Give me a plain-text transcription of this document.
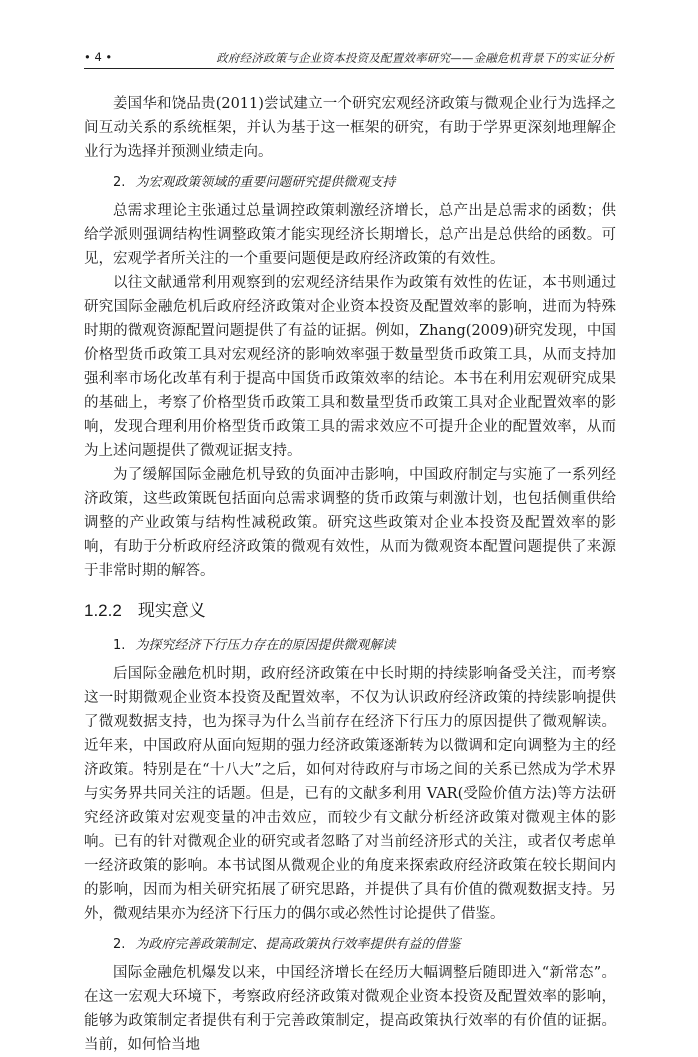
• 4 •	政府经济政策与企业资本投资及配置效率研究——金融危机背景下的实证分析

姜国华和饶品贵(2011)尝试建立一个研究宏观经济政策与微观企业行为选择之间互动关系的系统框架，并认为基于这一框架的研究，有助于学界更深刻地理解企业行为选择并预测业绩走向。

2. 为宏观政策领域的重要问题研究提供微观支持

总需求理论主张通过总量调控政策刺激经济增长，总产出是总需求的函数；供给学派则强调结构性调整政策才能实现经济长期增长，总产出是总供给的函数。可见，宏观学者所关注的一个重要问题便是政府经济政策的有效性。

以往文献通常利用观察到的宏观经济结果作为政策有效性的佐证，本书则通过研究国际金融危机后政府经济政策对企业资本投资及配置效率的影响，进而为特殊时期的微观资源配置问题提供了有益的证据。例如，Zhang(2009)研究发现，中国价格型货币政策工具对宏观经济的影响效率强于数量型货币政策工具，从而支持加强利率市场化改革有利于提高中国货币政策效率的结论。本书在利用宏观研究成果的基础上，考察了价格型货币政策工具和数量型货币政策工具对企业配置效率的影响，发现合理利用价格型货币政策工具的需求效应不可提升企业的配置效率，从而为上述问题提供了微观证据支持。

为了缓解国际金融危机导致的负面冲击影响，中国政府制定与实施了一系列经济政策，这些政策既包括面向总需求调整的货币政策与刺激计划，也包括侧重供给调整的产业政策与结构性减税政策。研究这些政策对企业本投资及配置效率的影响，有助于分析政府经济政策的微观有效性，从而为微观资本配置问题提供了来源于非常时期的解答。

1.2.2 现实意义
1. 为探究经济下行压力存在的原因提供微观解读

后国际金融危机时期，政府经济政策在中长时期的持续影响备受关注，而考察这一时期微观企业资本投资及配置效率，不仅为认识政府经济政策的持续影响提供了微观数据支持，也为探寻为什么当前存在经济下行压力的原因提供了微观解读。近年来，中国政府从面向短期的强力经济政策逐渐转为以微调和定向调整为主的经济政策。特别是在“十八大”之后，如何对待政府与市场之间的关系已然成为学术界与实务界共同关注的话题。但是，已有的文献多利用 VAR(受险价值方法)等方法研究经济政策对宏观变量的冲击效应，而较少有文献分析经济政策对微观主体的影响。已有的针对微观企业的研究或者忽略了对当前经济形式的关注，或者仅考虑单一经济政策的影响。本书试图从微观企业的角度来探索政府经济政策在较长期间内的影响，因而为相关研究拓展了研究思路，并提供了具有价值的微观数据支持。另外，微观结果亦为经济下行压力的偶尔或必然性讨论提供了借鉴。

2. 为政府完善政策制定、提高政策执行效率提供有益的借鉴

国际金融危机爆发以来，中国经济增长在经历大幅调整后随即进入“新常态”。在这一宏观大环境下，考察政府经济政策对微观企业资本投资及配置效率的影响，能够为政策制定者提供有利于完善政策制定，提高政策执行效率的有价值的证据。当前，如何恰当地
